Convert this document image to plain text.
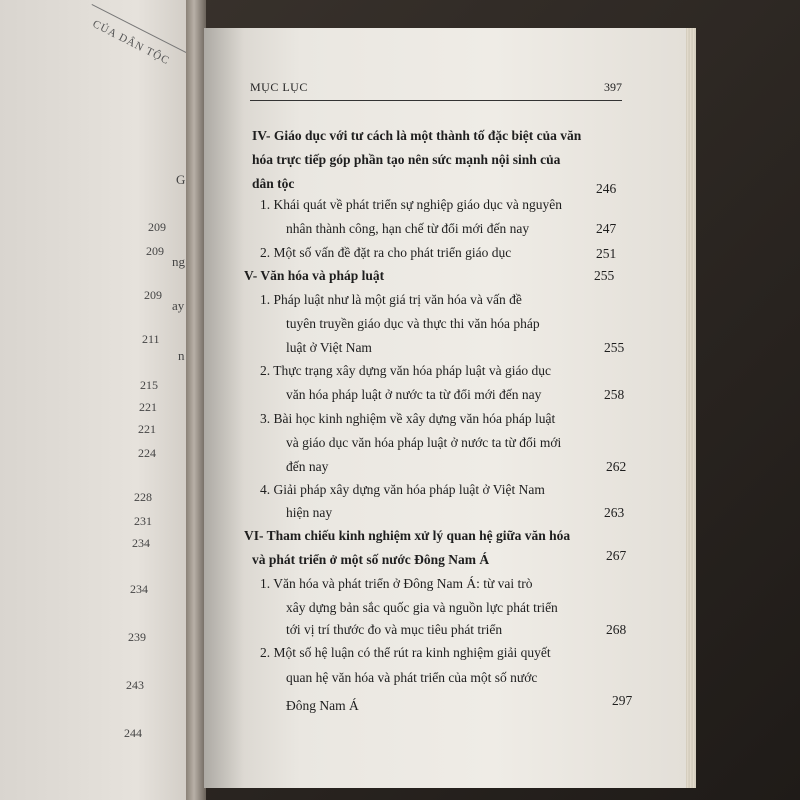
CỦA DÂN TỘC
G
ng
ay
n
209
209
209
211
215
221
221
224
228
231
234
234
239
243
244
MỤC LỤC	397
IV- Giáo dục với tư cách là một thành tố đặc biệt của văn
hóa trực tiếp góp phần tạo nên sức mạnh nội sinh của
dân tộc	246
1. Khái quát về phát triển sự nghiệp giáo dục và nguyên
nhân thành công, hạn chế từ đổi mới đến nay	247
2. Một số vấn đề đặt ra cho phát triển giáo dục	251
V- Văn hóa và pháp luật	255
1. Pháp luật như là một giá trị văn hóa và vấn đề
tuyên truyền giáo dục và thực thi văn hóa pháp
luật ở Việt Nam	255
2. Thực trạng xây dựng văn hóa pháp luật và giáo dục
văn hóa pháp luật ở nước ta từ đổi mới đến nay	258
3. Bài học kinh nghiệm về xây dựng văn hóa pháp luật
và giáo dục văn hóa pháp luật ở nước ta từ đổi mới
đến nay	262
4. Giải pháp xây dựng văn hóa pháp luật ở Việt Nam
hiện nay	263
VI- Tham chiếu kinh nghiệm xử lý quan hệ giữa văn hóa
và phát triển ở một số nước Đông Nam Á	267
1. Văn hóa và phát triển ở Đông Nam Á: từ vai trò
xây dựng bản sắc quốc gia và nguồn lực phát triển
tới vị trí thước đo và mục tiêu phát triển	268
2. Một số hệ luận có thể rút ra kinh nghiệm giải quyết
quan hệ văn hóa và phát triển của một số nước
Đông Nam Á	297
